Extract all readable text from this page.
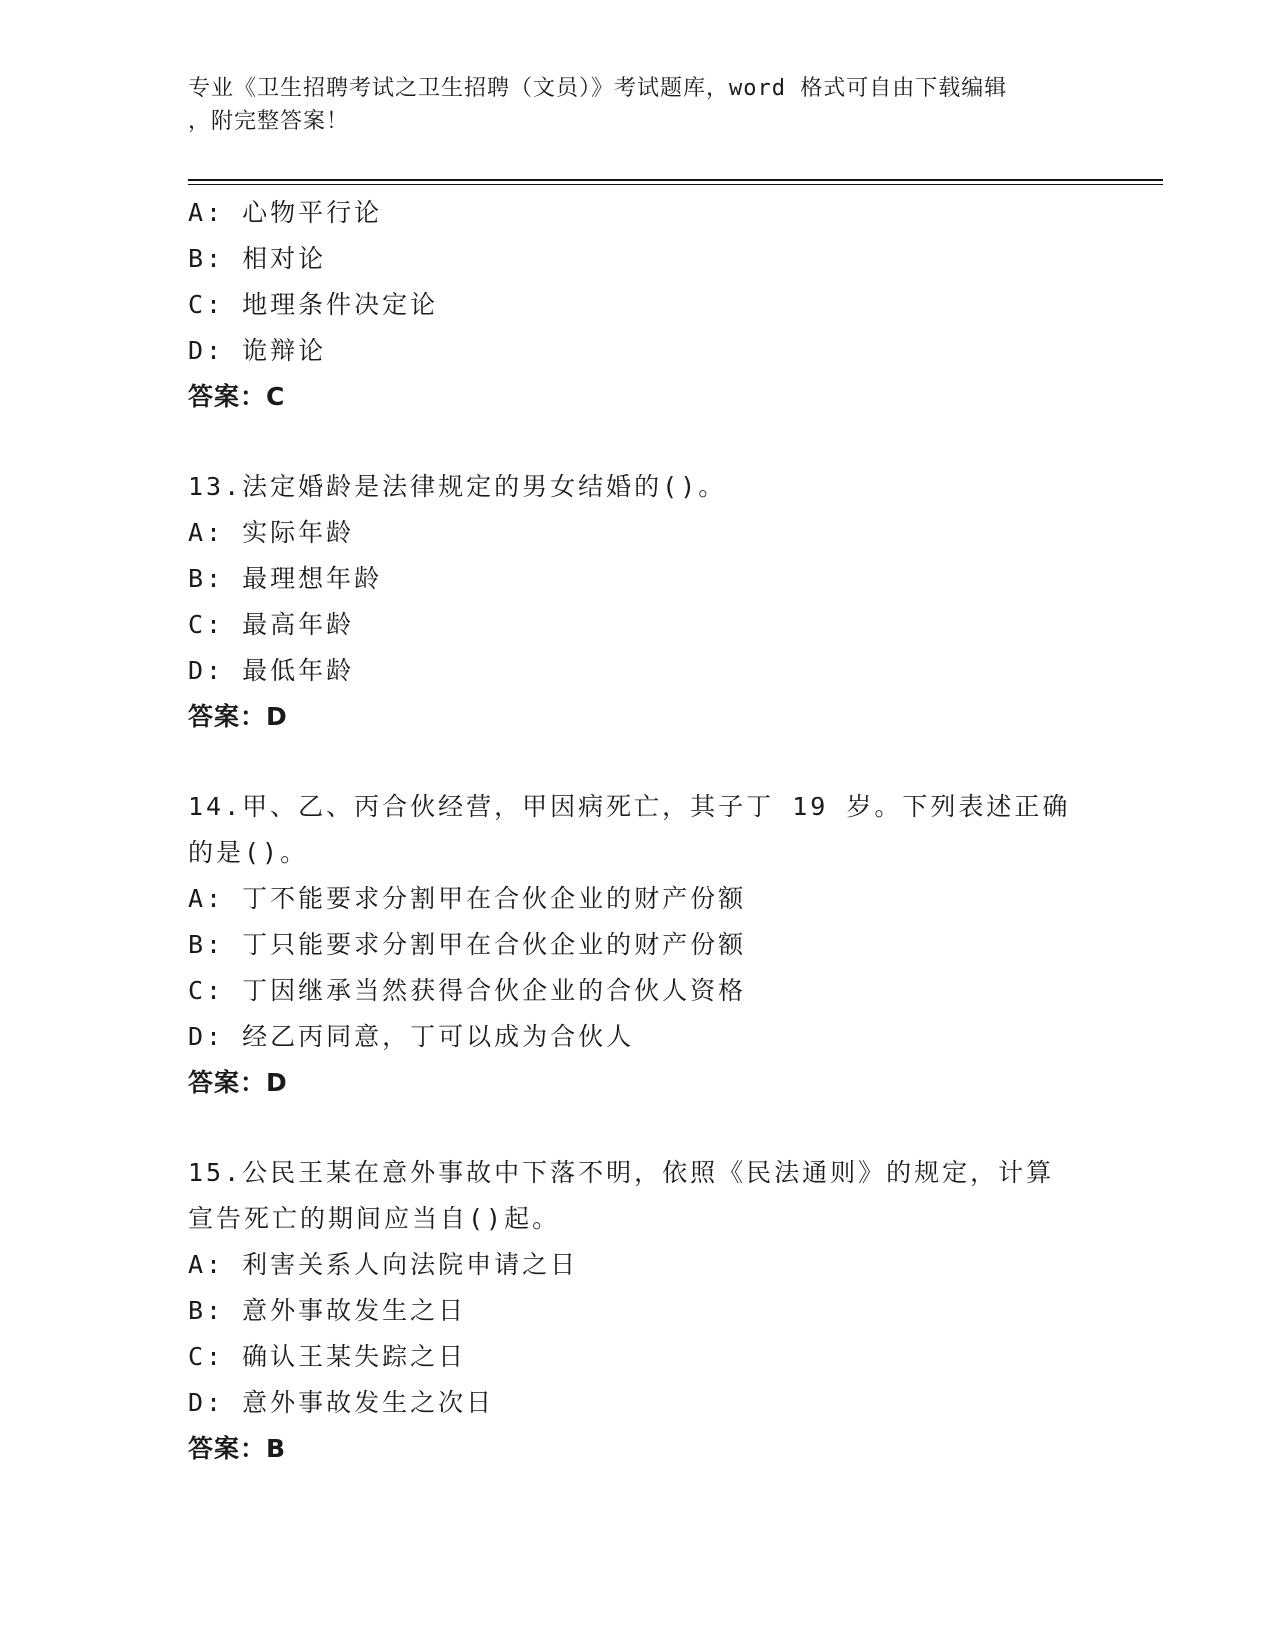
专业《卫生招聘考试之卫生招聘（文员）》考试题库，word 格式可自由下载编辑
，附完整答案！
A: 心物平行论
B: 相对论
C: 地理条件决定论
D: 诡辩论
答案：C
13.法定婚龄是法律规定的男女结婚的()。
A: 实际年龄
B: 最理想年龄
C: 最高年龄
D: 最低年龄
答案：D
14.甲、乙、丙合伙经营，甲因病死亡，其子丁 19 岁。下列表述正确
的是()。
A: 丁不能要求分割甲在合伙企业的财产份额
B: 丁只能要求分割甲在合伙企业的财产份额
C: 丁因继承当然获得合伙企业的合伙人资格
D: 经乙丙同意，丁可以成为合伙人
答案：D
15.公民王某在意外事故中下落不明，依照《民法通则》的规定，计算
宣告死亡的期间应当自()起。
A: 利害关系人向法院申请之日
B: 意外事故发生之日
C: 确认王某失踪之日
D: 意外事故发生之次日
答案：B
